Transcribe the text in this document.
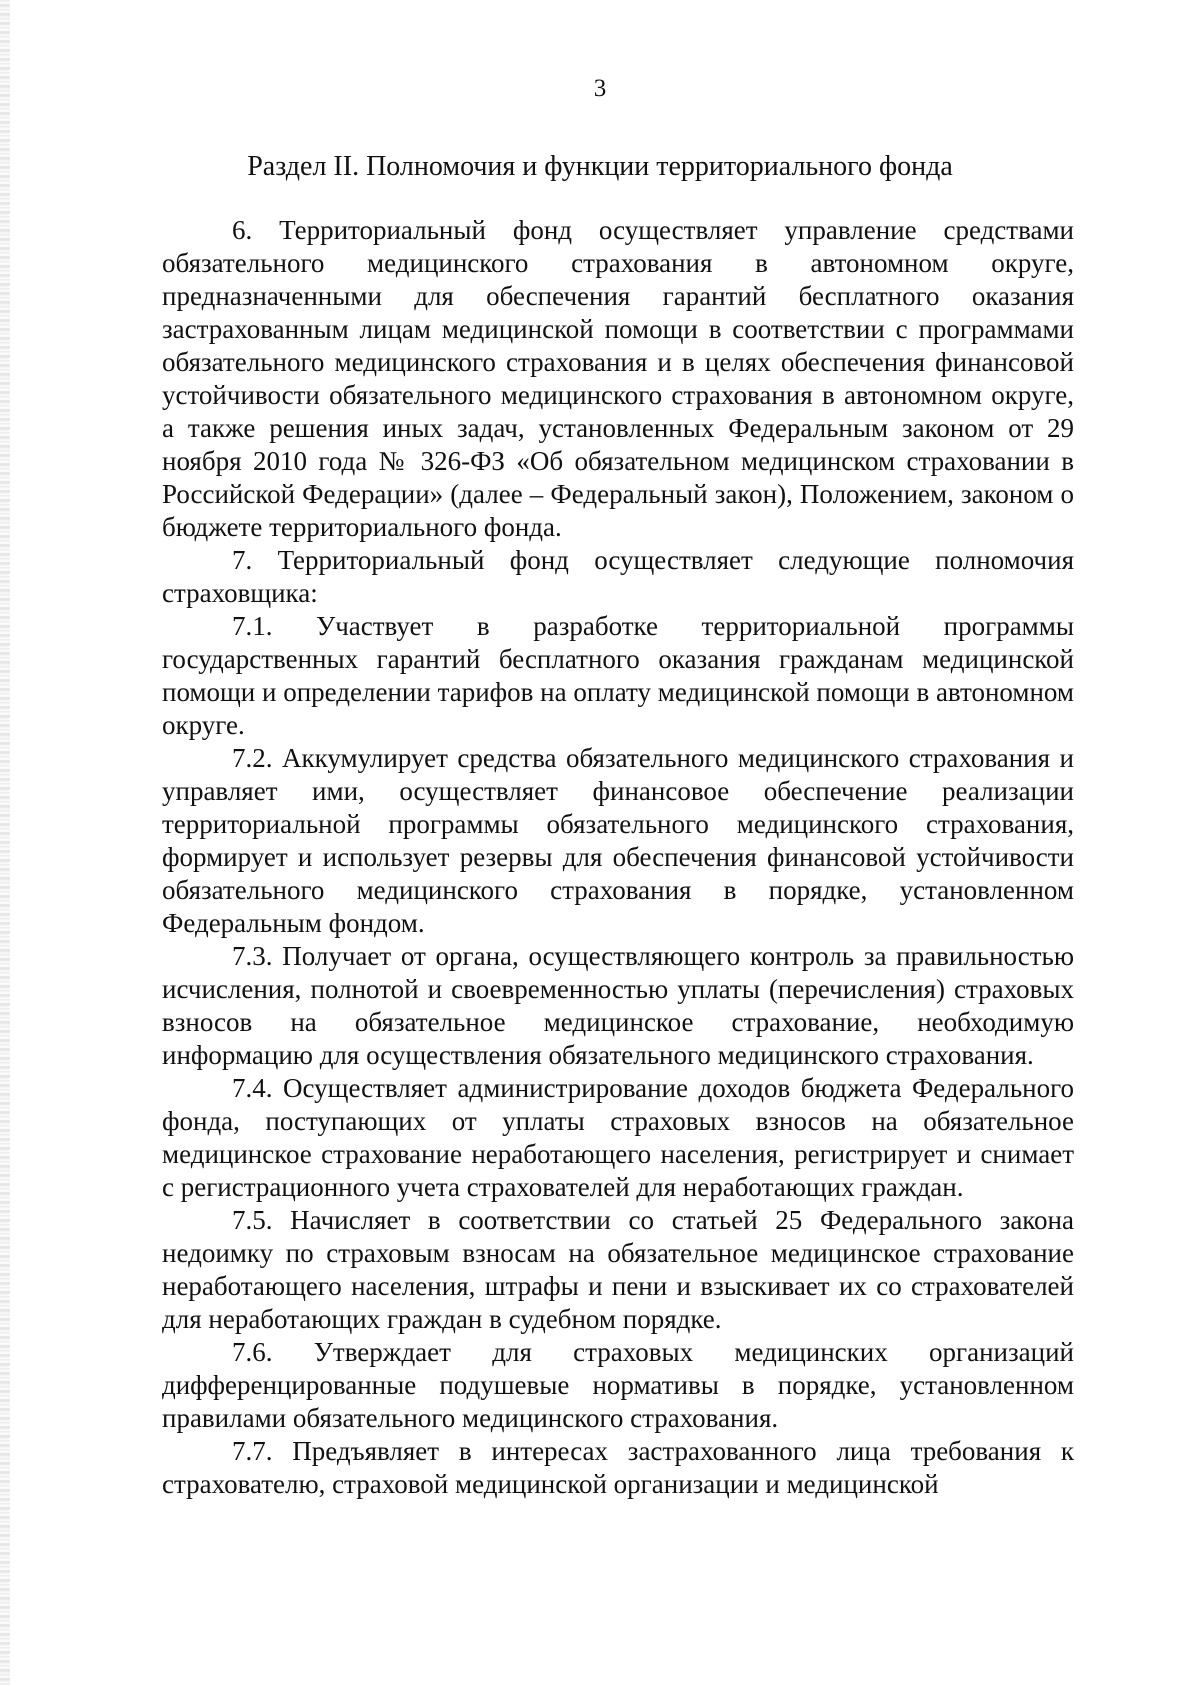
3

Раздел II. Полномочия и функции территориального фонда

6. Территориальный фонд осуществляет управление средствами обязательного медицинского страхования в автономном округе, предназначенными для обеспечения гарантий бесплатного оказания застрахованным лицам медицинской помощи в соответствии с программами обязательного медицинского страхования и в целях обеспечения финансовой устойчивости обязательного медицинского страхования в автономном округе, а также решения иных задач, установленных Федеральным законом от 29 ноября 2010 года № 326-ФЗ «Об обязательном медицинском страховании в Российской Федерации» (далее – Федеральный закон), Положением, законом о бюджете территориального фонда.

7. Территориальный фонд осуществляет следующие полномочия страховщика:

7.1. Участвует в разработке территориальной программы государственных гарантий бесплатного оказания гражданам медицинской помощи и определении тарифов на оплату медицинской помощи в автономном округе.

7.2. Аккумулирует средства обязательного медицинского страхования и управляет ими, осуществляет финансовое обеспечение реализации территориальной программы обязательного медицинского страхования, формирует и использует резервы для обеспечения финансовой устойчивости обязательного медицинского страхования в порядке, установленном Федеральным фондом.

7.3. Получает от органа, осуществляющего контроль за правильностью исчисления, полнотой и своевременностью уплаты (перечисления) страховых взносов на обязательное медицинское страхование, необходимую информацию для осуществления обязательного медицинского страхования.

7.4. Осуществляет администрирование доходов бюджета Федерального фонда, поступающих от уплаты страховых взносов на обязательное медицинское страхование неработающего населения, регистрирует и снимает с регистрационного учета страхователей для неработающих граждан.

7.5. Начисляет в соответствии со статьей 25 Федерального закона недоимку по страховым взносам на обязательное медицинское страхование неработающего населения, штрафы и пени и взыскивает их со страхователей для неработающих граждан в судебном порядке.

7.6. Утверждает для страховых медицинских организаций дифференцированные подушевые нормативы в порядке, установленном правилами обязательного медицинского страхования.

7.7. Предъявляет в интересах застрахованного лица требования к страхователю, страховой медицинской организации и медицинской
